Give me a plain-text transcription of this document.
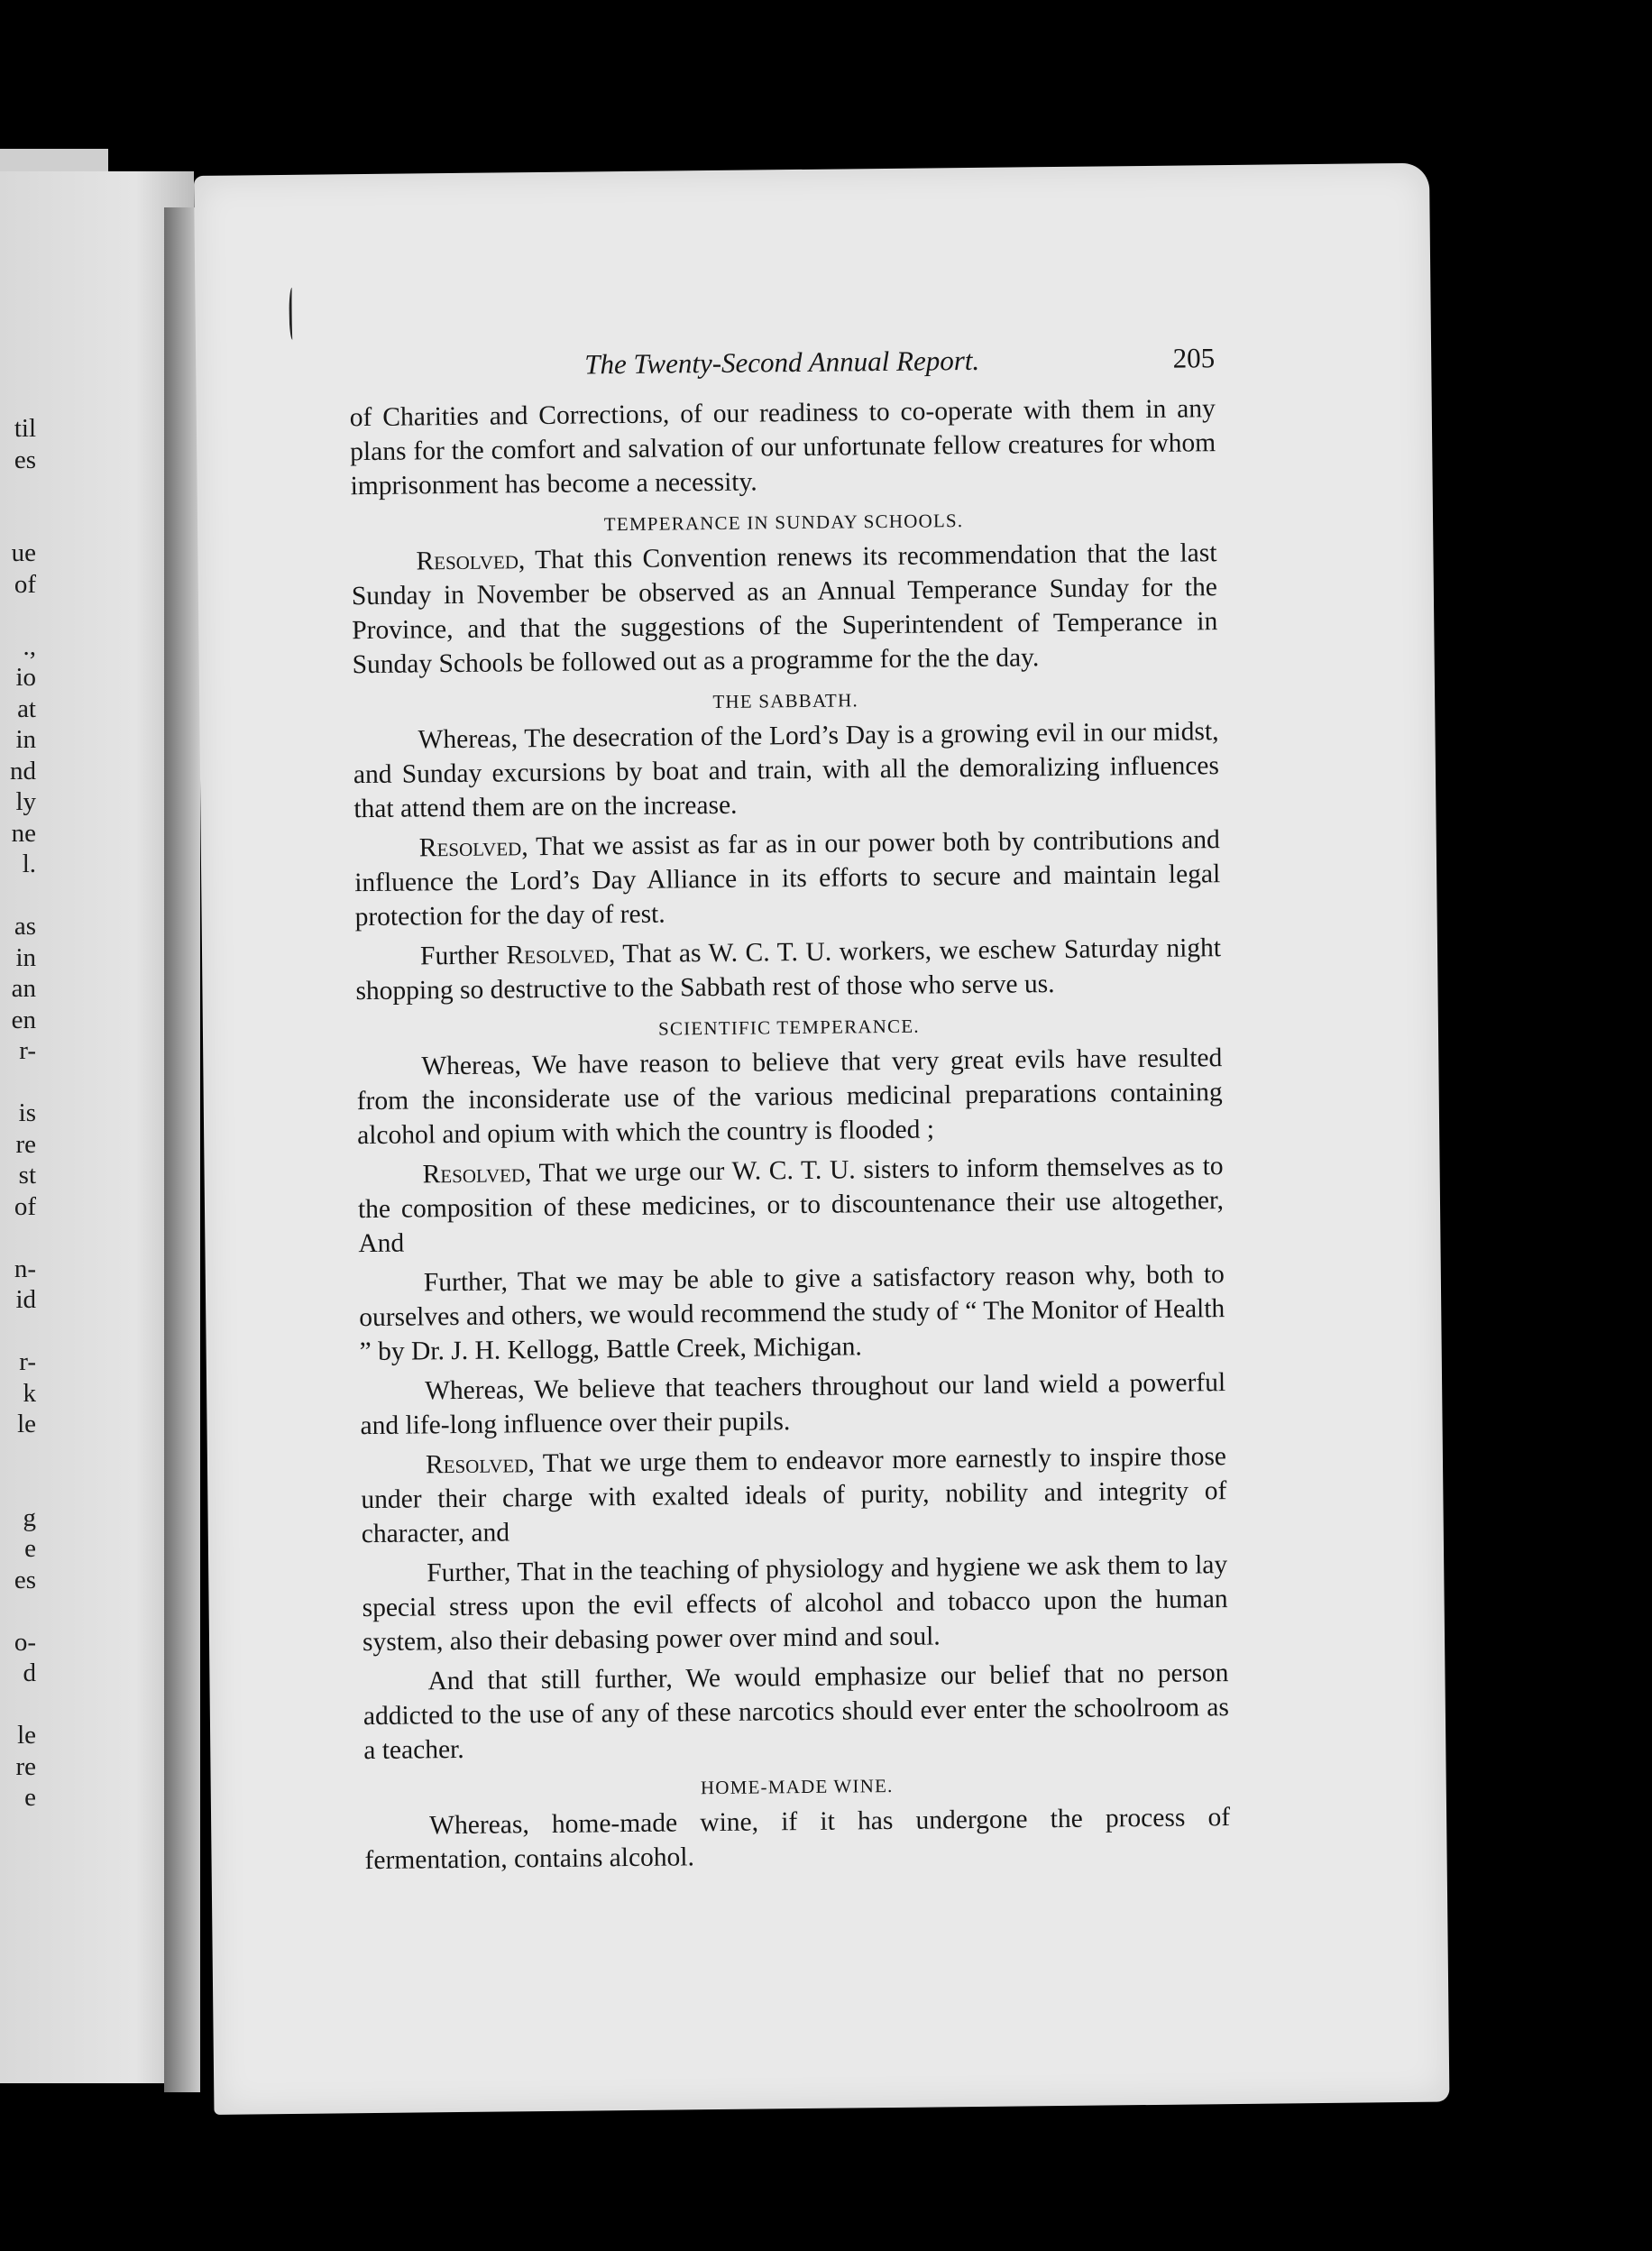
til
es
ue
of
.,
io
at
in
nd
ly
ne
l.
as
in
an
en
r-
is
re
st
of
n-
id
r-
k
le
g
e
es
o-
d
le
re
e
The Twenty-Second Annual Report.	205

of Charities and Corrections, of our readiness to co-operate with them in any plans for the comfort and salvation of our unfortunate fellow creatures for whom imprisonment has become a necessity.

TEMPERANCE IN SUNDAY SCHOOLS.

Resolved, That this Convention renews its recommendation that the last Sunday in November be observed as an Annual Temperance Sunday for the Province, and that the suggestions of the Superintendent of Temperance in Sunday Schools be followed out as a programme for the the day.

THE SABBATH.

Whereas, The desecration of the Lord’s Day is a growing evil in our midst, and Sunday excursions by boat and train, with all the demoralizing influences that attend them are on the increase.

Resolved, That we assist as far as in our power both by contributions and influence the Lord’s Day Alliance in its efforts to secure and maintain legal protection for the day of rest.

Further Resolved, That as W. C. T. U. workers, we eschew Saturday night shopping so destructive to the Sabbath rest of those who serve us.

SCIENTIFIC TEMPERANCE.

Whereas, We have reason to believe that very great evils have resulted from the inconsiderate use of the various medicinal preparations containing alcohol and opium with which the country is flooded ;

Resolved, That we urge our W. C. T. U. sisters to inform themselves as to the composition of these medicines, or to discountenance their use altogether, And

Further, That we may be able to give a satisfactory reason why, both to ourselves and others, we would recommend the study of “ The Monitor of Health ” by Dr. J. H. Kellogg, Battle Creek, Michigan.

Whereas, We believe that teachers throughout our land wield a powerful and life-long influence over their pupils.

Resolved, That we urge them to endeavor more earnestly to inspire those under their charge with exalted ideals of purity, nobility and integrity of character, and

Further, That in the teaching of physiology and hygiene we ask them to lay special stress upon the evil effects of alcohol and tobacco upon the human system, also their debasing power over mind and soul.

And that still further, We would emphasize our belief that no person addicted to the use of any of these narcotics should ever enter the schoolroom as a teacher.

HOME-MADE WINE.

Whereas, home-made wine, if it has undergone the process of fermentation, contains alcohol.
